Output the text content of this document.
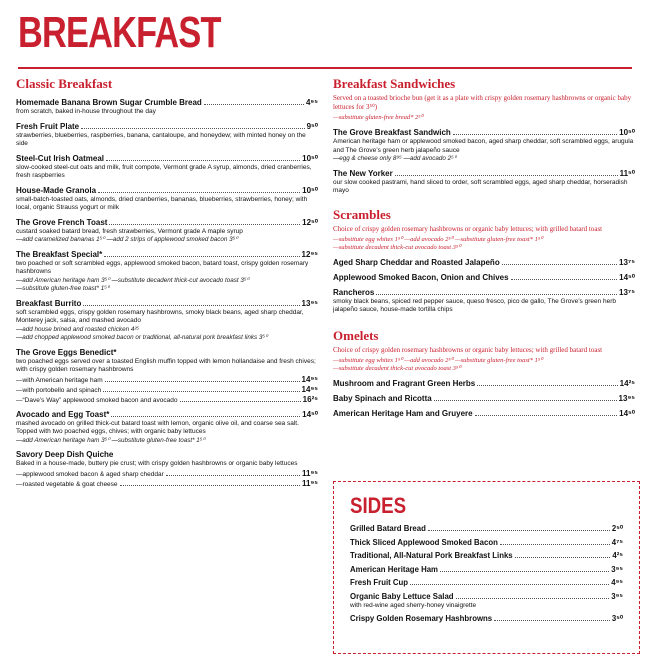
BREAKFAST
Classic Breakfast
Homemade Banana Brown Sugar Crumble Bread	4⁹⁵
from scratch, baked in-house throughout the day
Fresh Fruit Plate	9⁵⁰
strawberries, blueberries, raspberries, banana, cantaloupe, and honeydew; with minted honey on the side
Steel-Cut Irish Oatmeal	10⁵⁰
slow-cooked steel-cut oats and milk, fruit compote, Vermont grade A syrup, almonds, dried cranberries, fresh raspberries
House-Made Granola	10⁵⁰
small-batch-toasted oats, almonds, dried cranberries, bananas, blueberries, strawberries, honey; with local, organic Strauss yogurt or milk
The Grove French Toast	12⁵⁰
custard soaked batard bread, fresh strawberries, Vermont grade A maple syrup
—add caramelized bananas 1⁵⁰ —add 2 strips of applewood smoked bacon 3⁵⁰
The Breakfast Special*	12⁹⁵
two poached or soft scrambled eggs, applewood smoked bacon, batard toast, crispy golden rosemary hashbrowns
—add American heritage ham 3⁵⁰ —substitute decadent thick-cut avocado toast 3⁵⁰
—substitute gluten-free toast* 1⁵⁰
Breakfast Burrito	13⁹⁵
soft scrambled eggs, crispy golden rosemary hashbrowns, smoky black beans, aged sharp cheddar, Monterey jack, salsa, and mashed avocado
—add house brined and roasted chicken 4²⁵
—add chopped applewood smoked bacon or traditional, all-natural pork breakfast links 3⁵⁰
The Grove Eggs Benedict*
two poached eggs served over a toasted English muffin topped with lemon hollandaise and fresh chives; with crispy golden rosemary hashbrowns
—with American heritage ham	14⁹⁵
—with portobello and spinach	14⁹⁵
—“Dave’s Way” applewood smoked bacon and avocado	16²⁵
Avocado and Egg Toast*	14⁵⁰
mashed avocado on grilled thick-cut batard toast with lemon, organic olive oil, and coarse sea salt. Topped with two poached eggs, chives; with organic baby lettuces
—add American heritage ham 3⁵⁰ —substitute gluten-free toast* 1⁵⁰
Savory Deep Dish Quiche
Baked in a house-made, buttery pie crust; with crispy golden hashbrowns or organic baby lettuces
—applewood smoked bacon & aged sharp cheddar	11⁹⁵
—roasted vegetable & goat cheese	11⁹⁵
Breakfast Sandwiches
Served on a toasted brioche bun (get it as a plate with crispy golden rosemary hashbrowns or organic baby lettuces for 3⁵⁰)
—substitute gluten-free bread* 2⁵⁰
The Grove Breakfast Sandwich	10⁵⁰
American heritage ham or applewood smoked bacon, aged sharp cheddar, soft scrambled eggs, arugula and The Grove’s green herb jalapeño sauce
—egg & cheese only 8⁹⁵ —add avocado 2⁵⁰
The New Yorker	11⁵⁰
our slow cooked pastrami, hand sliced to order, soft scrambled eggs, aged sharp cheddar, horseradish mayo
Scrambles
Choice of crispy golden rosemary hashbrowns or organic baby lettuces; with grilled batard toast
—substitute egg whites 1⁵⁰ —add avocado 2⁵⁰ —substitute gluten-free toast* 1⁵⁰
—substitute decadent thick-cut avocado toast 3⁵⁰
Aged Sharp Cheddar and Roasted Jalapeño	13⁷⁵
Applewood Smoked Bacon, Onion and Chives	14⁵⁰
Rancheros	13⁷⁵
smoky black beans, spiced red pepper sauce, queso fresco, pico de gallo, The Grove’s green herb jalapeño sauce, house-made tortilla chips
Omelets
Choice of crispy golden rosemary hashbrowns or organic baby lettuces; with grilled batard toast
—substitute egg whites 1⁵⁰ —add avocado 2⁵⁰ —substitute gluten-free toast* 1⁵⁰
—substitute decadent thick-cut avocado toast 3⁵⁰
Mushroom and Fragrant Green Herbs	14²⁵
Baby Spinach and Ricotta	13⁹⁵
American Heritage Ham and Gruyere	14⁵⁰
SIDES
Grilled Batard Bread	2⁵⁰
Thick Sliced Applewood Smoked Bacon	4⁷⁵
Traditional, All-Natural Pork Breakfast Links	4²⁵
American Heritage Ham	3⁹⁵
Fresh Fruit Cup	4⁹⁵
Organic Baby Lettuce Salad	3⁹⁵
with red-wine aged sherry-honey vinaigrette
Crispy Golden Rosemary Hashbrowns	3⁵⁰
